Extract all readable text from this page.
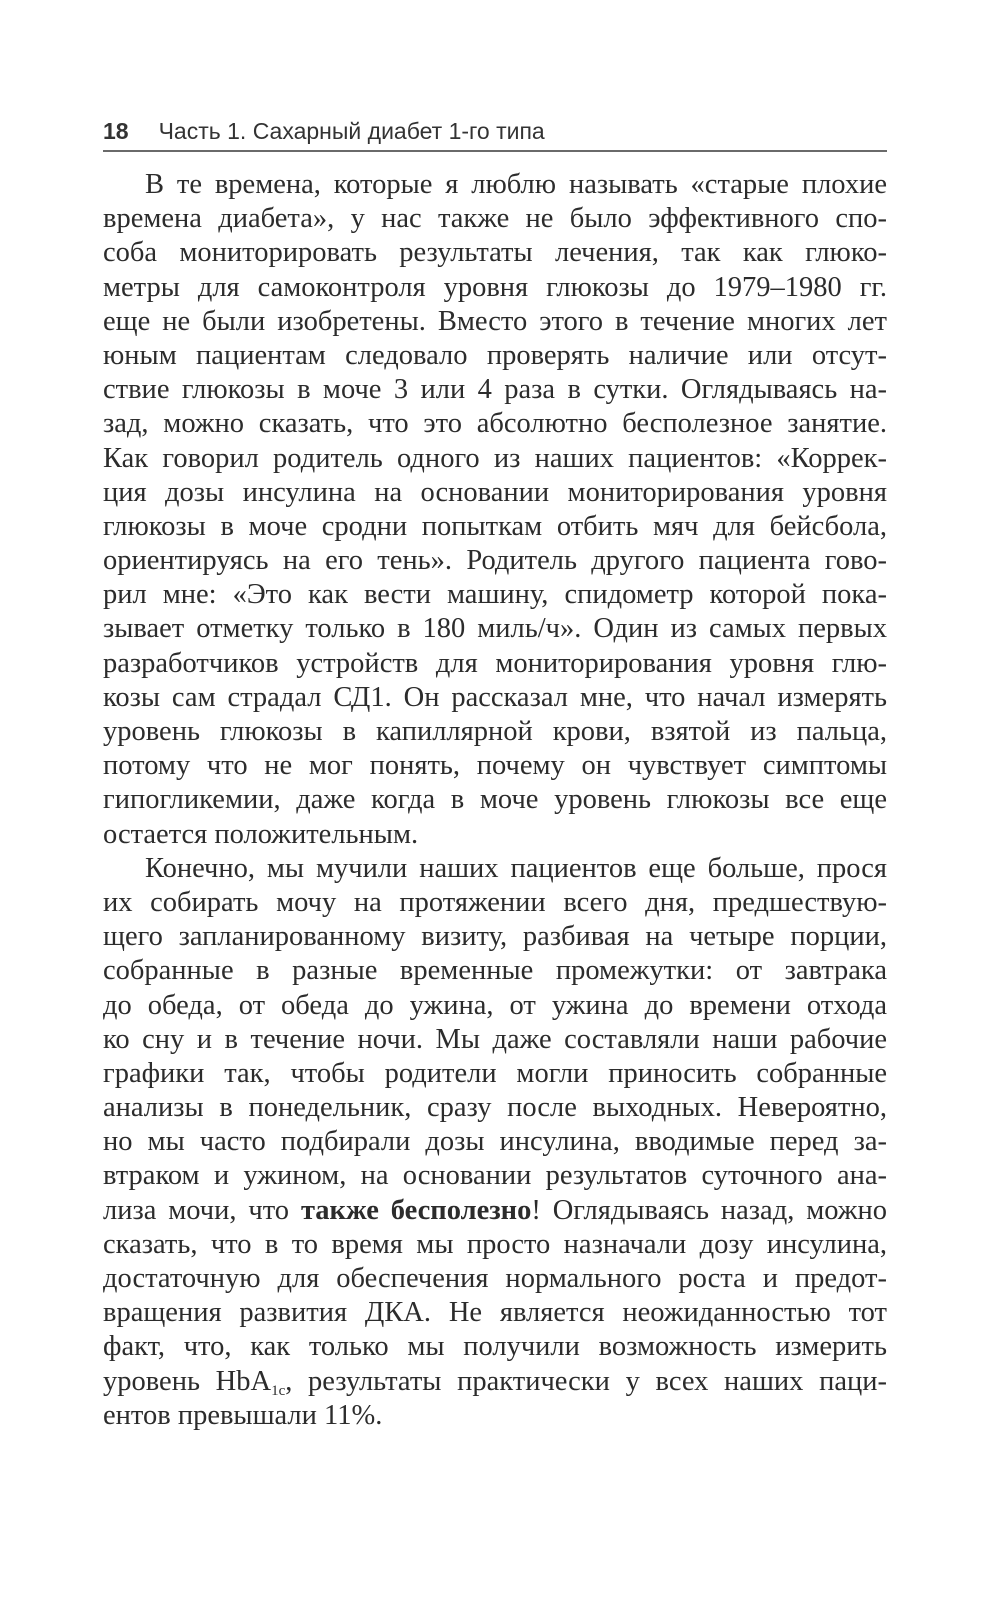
18 Часть 1. Сахарный диабет 1-го типа
В те времена, которые я люблю называть «старые плохие
времена диабета», у нас также не было эффективного спо-
соба мониторировать результаты лечения, так как глюко-
метры для самоконтроля уровня глюкозы до 1979–1980 гг.
еще не были изобретены. Вместо этого в течение многих лет
юным пациентам следовало проверять наличие или отсут-
ствие глюкозы в моче 3 или 4 раза в сутки. Оглядываясь на-
зад, можно сказать, что это абсолютно бесполезное занятие.
Как говорил родитель одного из наших пациентов: «Коррек-
ция дозы инсулина на основании мониторирования уровня
глюкозы в моче сродни попыткам отбить мяч для бейсбола,
ориентируясь на его тень». Родитель другого пациента гово-
рил мне: «Это как вести машину, спидометр которой пока-
зывает отметку только в 180 миль/ч». Один из самых первых
разработчиков устройств для мониторирования уровня глю-
козы сам страдал СД1. Он рассказал мне, что начал измерять
уровень глюкозы в капиллярной крови, взятой из пальца,
потому что не мог понять, почему он чувствует симптомы
гипогликемии, даже когда в моче уровень глюкозы все еще
остается положительным.
Конечно, мы мучили наших пациентов еще больше, прося
их собирать мочу на протяжении всего дня, предшествую-
щего запланированному визиту, разбивая на четыре порции,
собранные в разные временные промежутки: от завтрака
до обеда, от обеда до ужина, от ужина до времени отхода
ко сну и в течение ночи. Мы даже составляли наши рабочие
графики так, чтобы родители могли приносить собранные
анализы в понедельник, сразу после выходных. Невероятно,
но мы часто подбирали дозы инсулина, вводимые перед за-
втраком и ужином, на основании результатов суточного ана-
лиза мочи, что также бесполезно! Оглядываясь назад, можно
сказать, что в то время мы просто назначали дозу инсулина,
достаточную для обеспечения нормального роста и предот-
вращения развития ДКА. Не является неожиданностью тот
факт, что, как только мы получили возможность измерить
уровень HbA$_{1c}$, результаты практически у всех наших паци-
ентов превышали 11%.
